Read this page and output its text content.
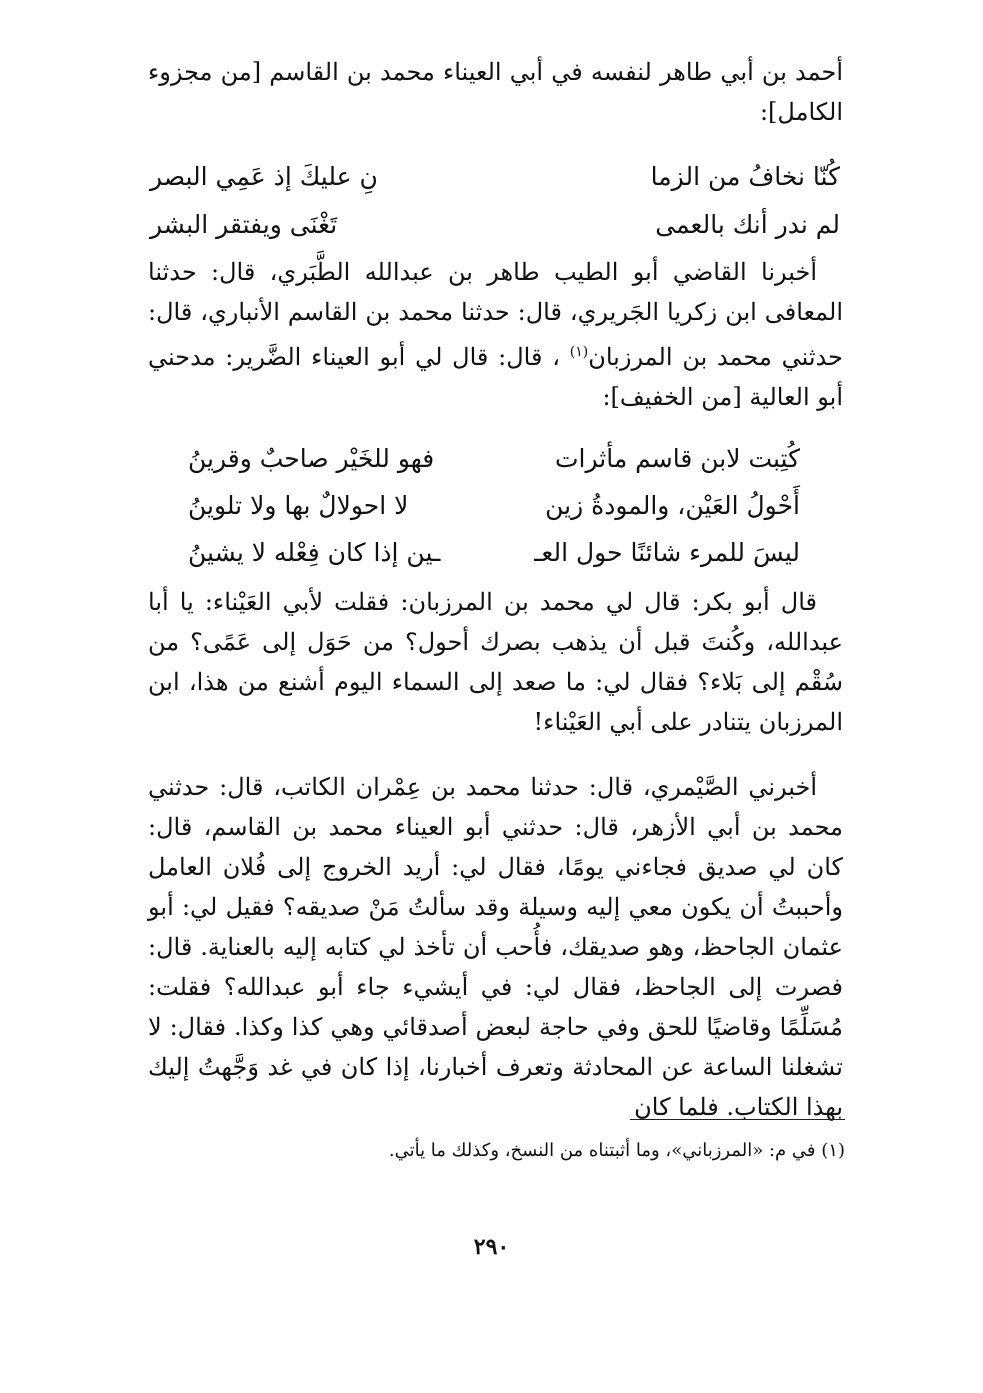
أحمد بن أبي طاهر لنفسه في أبي العيناء محمد بن القاسم [من مجزوء الكامل]:
كُنّا نخافُ من الزما
نِ عليكَ إذ عَمِي البصر
لم ندر أنك بالعمى
تَغْنَى ويفتقر البشر
أخبرنا القاضي أبو الطيب طاهر بن عبدالله الطَّبَري، قال: حدثنا المعافى ابن زكريا الجَريري، قال: حدثنا محمد بن القاسم الأنباري، قال: حدثني محمد بن المرزبان$^{(١)}$ ، قال: قال لي أبو العيناء الضَّرير: مدحني أبو العالية [من الخفيف]:
كُتِبت لابن قاسم مأثرات
فهو للخَيْر صاحبٌ وقرينُ
أَحْولُ العَيْن، والمودةُ زين
لا احولالٌ بها ولا تلوينُ
ليسَ للمرء شائنًا حول العـ
ـين إذا كان فِعْله لا يشينُ
قال أبو بكر: قال لي محمد بن المرزبان: فقلت لأبي العَيْناء: يا أبا عبدالله، وكُنتَ قبل أن يذهب بصرك أحول؟ من حَوَل إلى عَمًى؟ من سُقْم إلى بَلاء؟ فقال لي: ما صعد إلى السماء اليوم أشنع من هذا، ابن المرزبان يتنادر على أبي العَيْناء!
أخبرني الصَّيْمري، قال: حدثنا محمد بن عِمْران الكاتب، قال: حدثني محمد بن أبي الأزهر، قال: حدثني أبو العيناء محمد بن القاسم، قال: كان لي صديق فجاءني يومًا، فقال لي: أريد الخروج إلى فُلان العامل وأحببتُ أن يكون معي إليه وسيلة وقد سألتُ مَنْ صديقه؟ فقيل لي: أبو عثمان الجاحظ، وهو صديقك، فأُحب أن تأخذ لي كتابه إليه بالعناية. قال: فصرت إلى الجاحظ، فقال لي: في أيشيء جاء أبو عبدالله؟ فقلت: مُسَلِّمًا وقاضيًا للحق وفي حاجة لبعض أصدقائي وهي كذا وكذا. فقال: لا تشغلنا الساعة عن المحادثة وتعرف أخبارنا، إذا كان في غد وَجَّهتُ إليك بهذا الكتاب. فلما كان
(١) في م: «المرزباني»، وما أثبتناه من النسخ، وكذلك ما يأتي.
٢٩٠
